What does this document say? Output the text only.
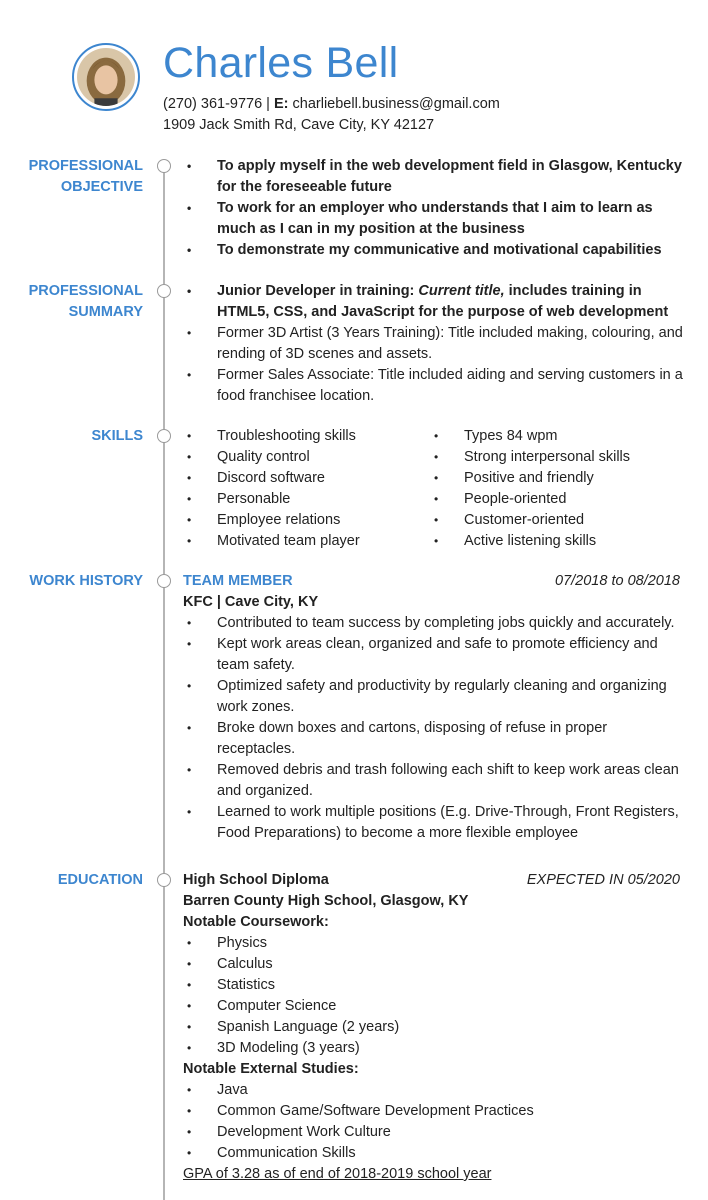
Charles Bell
(270) 361-9776 | E: charliebell.business@gmail.com
1909 Jack Smith Rd, Cave City, KY 42127
PROFESSIONAL
OBJECTIVE
• To apply myself in the web development field in Glasgow, Kentucky for the foreseeable future
• To work for an employer who understands that I aim to learn as much as I can in my position at the business
• To demonstrate my communicative and motivational capabilities
PROFESSIONAL
SUMMARY
• Junior Developer in training: Current title, includes training in HTML5, CSS, and JavaScript for the purpose of web development
• Former 3D Artist (3 Years Training): Title included making, colouring, and rending of 3D scenes and assets.
• Former Sales Associate: Title included aiding and serving customers in a food franchisee location.
SKILLS
•	Troubleshooting skills
• Quality control
• Discord software
• Personable
• Employee relations
• Motivated team player
• Types 84 wpm
• Strong interpersonal skills
• Positive and friendly
• People-oriented
• Customer-oriented
• Active listening skills
WORK HISTORY	TEAM MEMBER	07/2018 to 08/2018
KFC | Cave City, KY
• Contributed to team success by completing jobs quickly and accurately.
• Kept work areas clean, organized and safe to promote efficiency and team safety.
• Optimized safety and productivity by regularly cleaning and organizing work zones.
• Broke down boxes and cartons, disposing of refuse in proper receptacles.
• Removed debris and trash following each shift to keep work areas clean and organized.
• Learned to work multiple positions (E.g. Drive-Through, Front Registers, Food Preparations) to become a more flexible employee
EDUCATION	High School Diploma	EXPECTED IN 05/2020
Barren County High School, Glasgow, KY
Notable Coursework:
• Physics
• Calculus
• Statistics
• Computer Science
• Spanish Language (2 years)
• 3D Modeling (3 years)
Notable External Studies:
• Java
• Common Game/Software Development Practices
• Development Work Culture
• Communication Skills
GPA of 3.28 as of end of 2018-2019 school year
